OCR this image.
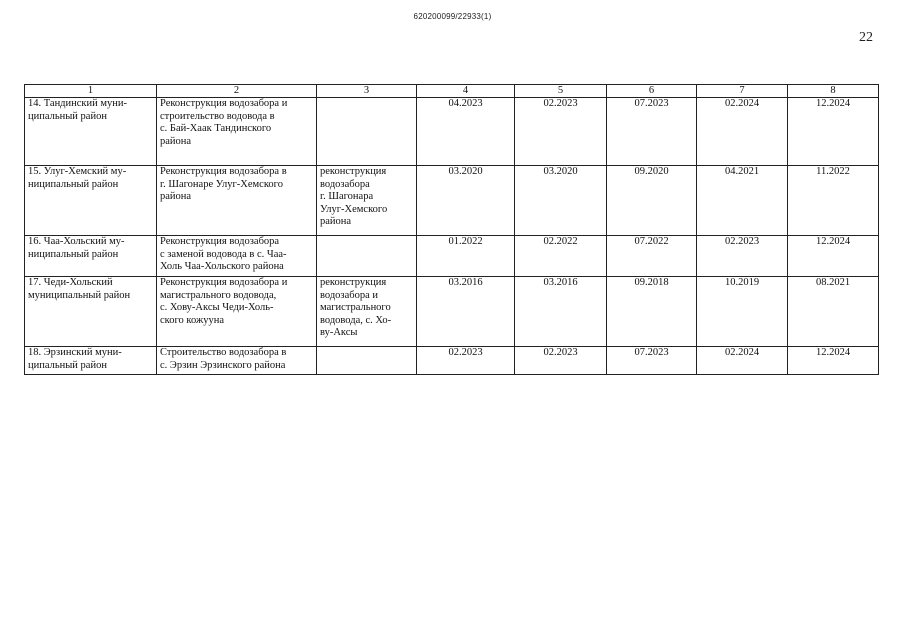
620200099/22933(1)
22
1	2	3	4	5	6	7	8
14. Тандинский муни-
ципальный район	Реконструкция водозабора и
строительство водовода в
с. Бай-Хаак Тандинского
района		04.2023	02.2023	07.2023	02.2024	12.2024
15. Улуг-Хемский му-
ниципальный район	Реконструкция водозабора в
г. Шагонаре Улуг-Хемского
района	реконструкция
водозабора
г. Шагонара
Улуг-Хемского
района	03.2020	03.2020	09.2020	04.2021	11.2022
16. Чаа-Хольский му-
ниципальный район	Реконструкция водозабора
с заменой водовода в с. Чаа-
Холь Чаа-Хольского района		01.2022	02.2022	07.2022	02.2023	12.2024
17. Чеди-Хольский
муниципальный район	Реконструкция водозабора и
магистрального водовода,
с. Хову-Аксы Чеди-Холь-
ского кожууна	реконструкция
водозабора и
магистрального
водовода, с. Хо-
ву-Аксы	03.2016	03.2016	09.2018	10.2019	08.2021
18. Эрзинский муни-
ципальный район	Строительство водозабора в
с. Эрзин Эрзинского района		02.2023	02.2023	07.2023	02.2024	12.2024
